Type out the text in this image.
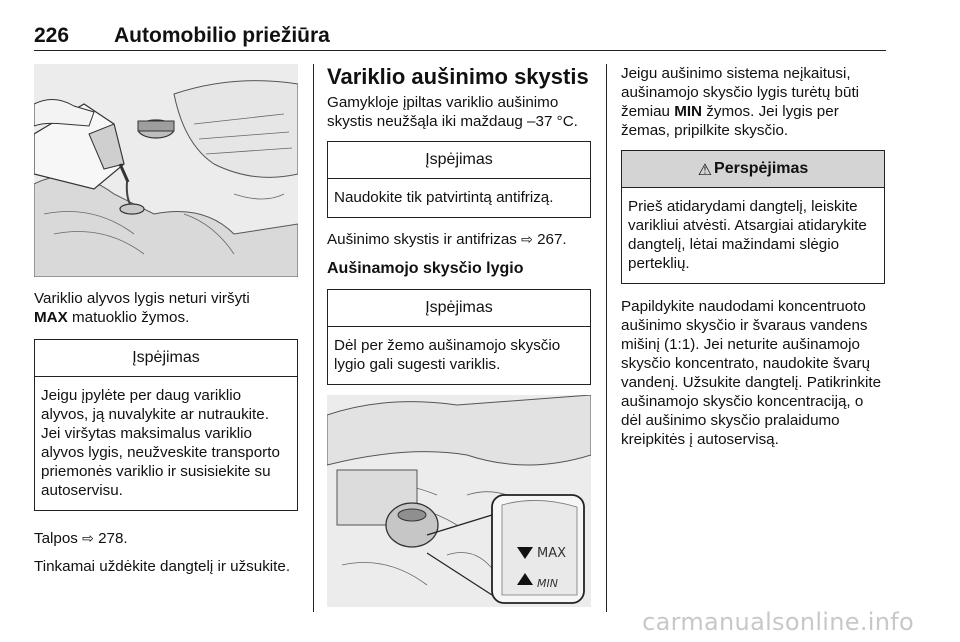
226 Automobilio priežiūra

Variklio alyvos lygis neturi viršyti
MAX matuoklio žymos.

Įspėjimas
Jeigu įpylėte per daug variklio alyvos, ją nuvalykite ar nutraukite. Jei viršytas maksimalus variklio alyvos lygis, neužveskite transporto priemonės variklio ir susisiekite su autoservisu.

Talpos ⇨ 278.

Tinkamai uždėkite dangtelį ir užsukite.

Variklio aušinimo skystis

Gamykloje įpiltas variklio aušinimo skystis neužšąla iki maždaug –37 °C.

Įspėjimas
Naudokite tik patvirtintą antifrizą.

Aušinimo skystis ir antifrizas ⇨ 267.

Aušinamojo skysčio lygio
Įspėjimas
Dėl per žemo aušinamojo skysčio lygio gali sugesti variklis.
MAX
MIN

Jeigu aušinimo sistema neįkaitusi, aušinamojo skysčio lygis turėtų būti žemiau MIN žymos. Jei lygis per žemas, pripilkite skysčio.

⚠ Perspėjimas
Prieš atidarydami dangtelį, leiskite varikliui atvėsti. Atsargiai atidarykite dangtelį, lėtai mažindami slėgio perteklių.

Papildykite naudodami koncentruoto aušinimo skysčio ir švaraus vandens mišinį (1:1). Jei neturite aušinamojo skysčio koncentrato, naudokite švarų vandenį. Užsukite dangtelį. Patikrinkite aušinamojo skysčio koncentraciją, o dėl aušinimo skysčio pralaidumo kreipkitės į autoservisą.

carmanualsonline.info
